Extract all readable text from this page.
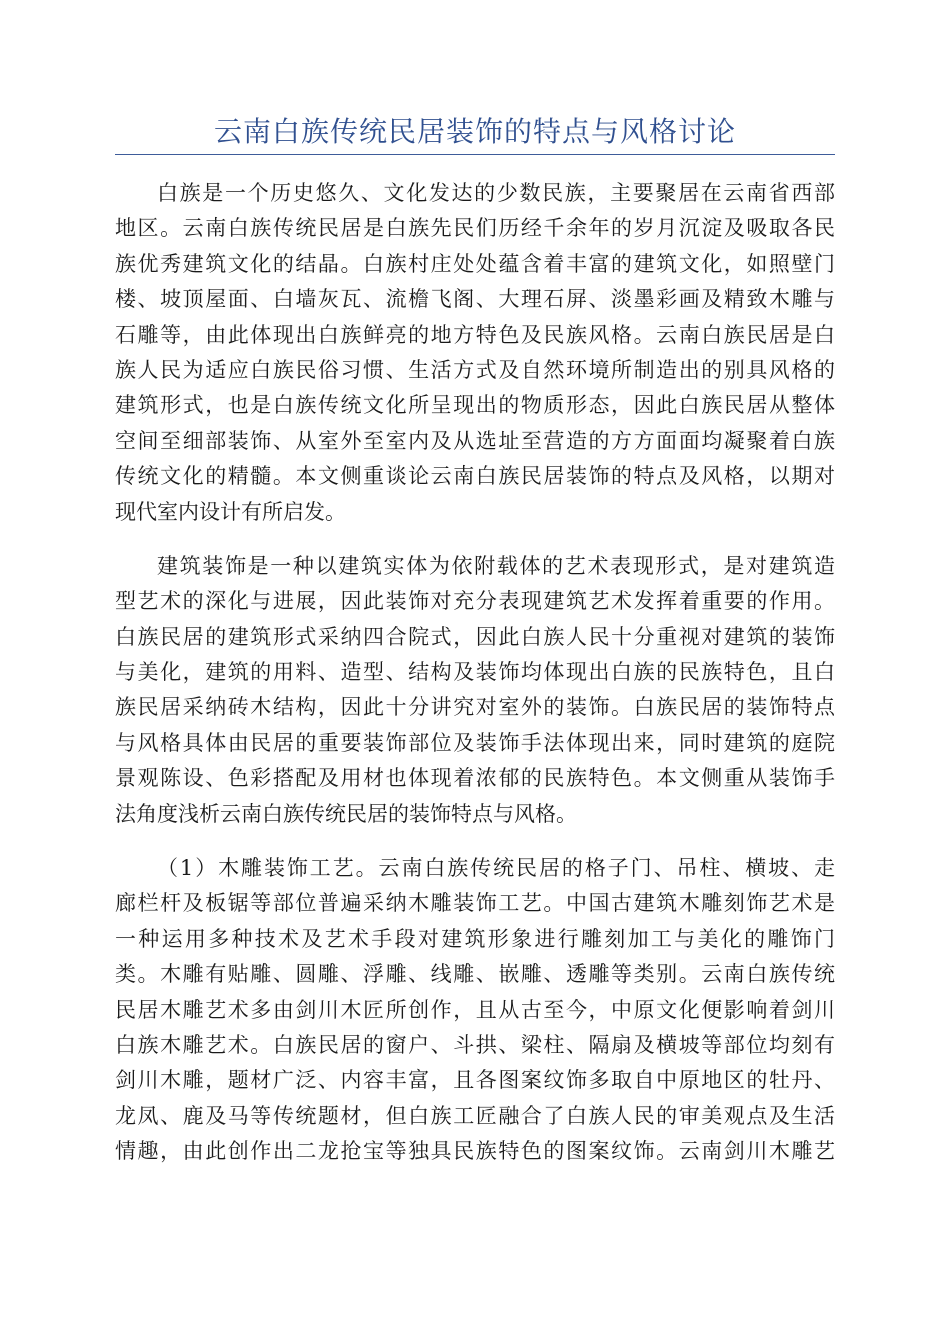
云南白族传统民居装饰的特点与风格讨论
白族是一个历史悠久、文化发达的少数民族，主要聚居在云南省西部
地区。云南白族传统民居是白族先民们历经千余年的岁月沉淀及吸取各民
族优秀建筑文化的结晶。白族村庄处处蕴含着丰富的建筑文化，如照壁门
楼、坡顶屋面、白墙灰瓦、流檐飞阁、大理石屏、淡墨彩画及精致木雕与
石雕等，由此体现出白族鲜亮的地方特色及民族风格。云南白族民居是白
族人民为适应白族民俗习惯、生活方式及自然环境所制造出的别具风格的
建筑形式，也是白族传统文化所呈现出的物质形态，因此白族民居从整体
空间至细部装饰、从室外至室内及从选址至营造的方方面面均凝聚着白族
传统文化的精髓。本文侧重谈论云南白族民居装饰的特点及风格，以期对
现代室内设计有所启发。
建筑装饰是一种以建筑实体为依附载体的艺术表现形式，是对建筑造
型艺术的深化与进展，因此装饰对充分表现建筑艺术发挥着重要的作用。
白族民居的建筑形式采纳四合院式，因此白族人民十分重视对建筑的装饰
与美化，建筑的用料、造型、结构及装饰均体现出白族的民族特色，且白
族民居采纳砖木结构，因此十分讲究对室外的装饰。白族民居的装饰特点
与风格具体由民居的重要装饰部位及装饰手法体现出来，同时建筑的庭院
景观陈设、色彩搭配及用材也体现着浓郁的民族特色。本文侧重从装饰手
法角度浅析云南白族传统民居的装饰特点与风格。
（1）木雕装饰工艺。云南白族传统民居的格子门、吊柱、横坡、走
廊栏杆及板锯等部位普遍采纳木雕装饰工艺。中国古建筑木雕刻饰艺术是
一种运用多种技术及艺术手段对建筑形象进行雕刻加工与美化的雕饰门
类。木雕有贴雕、圆雕、浮雕、线雕、嵌雕、透雕等类别。云南白族传统
民居木雕艺术多由剑川木匠所创作，且从古至今，中原文化便影响着剑川
白族木雕艺术。白族民居的窗户、斗拱、梁柱、隔扇及横坡等部位均刻有
剑川木雕，题材广泛、内容丰富，且各图案纹饰多取自中原地区的牡丹、
龙凤、鹿及马等传统题材，但白族工匠融合了白族人民的审美观点及生活
情趣，由此创作出二龙抢宝等独具民族特色的图案纹饰。云南剑川木雕艺
